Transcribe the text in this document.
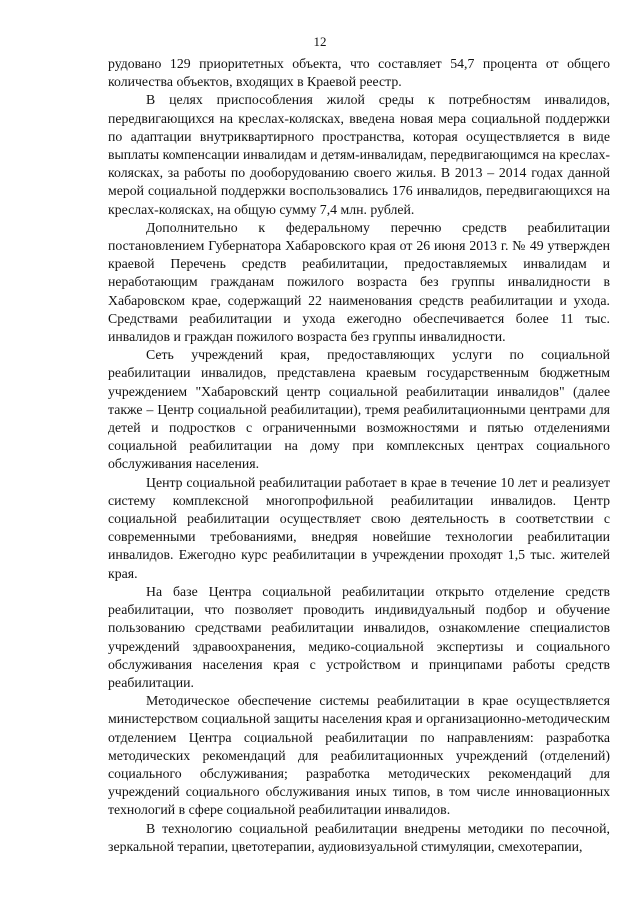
12

рудовано 129 приоритетных объекта, что составляет 54,7 процента от общего количества объектов, входящих в Краевой реестр.

В целях приспособления жилой среды к потребностям инвалидов, передвигающихся на креслах-колясках, введена новая мера социальной поддержки по адаптации внутриквартирного пространства, которая осуществляется в виде выплаты компенсации инвалидам и детям-инвалидам, передвигающимся на креслах-колясках, за работы по дооборудованию своего жилья. В 2013 – 2014 годах данной мерой социальной поддержки воспользовались 176 инвалидов, передвигающихся на креслах-колясках, на общую сумму 7,4 млн. рублей.

Дополнительно к федеральному перечню средств реабилитации постановлением Губернатора Хабаровского края от 26 июня 2013 г. № 49 утвержден краевой Перечень средств реабилитации, предоставляемых инвалидам и неработающим гражданам пожилого возраста без группы инвалидности в Хабаровском крае, содержащий 22 наименования средств реабилитации и ухода. Средствами реабилитации и ухода ежегодно обеспечивается более 11 тыс. инвалидов и граждан пожилого возраста без группы инвалидности.

Сеть учреждений края, предоставляющих услуги по социальной реабилитации инвалидов, представлена краевым государственным бюджетным учреждением "Хабаровский центр социальной реабилитации инвалидов" (далее также – Центр социальной реабилитации), тремя реабилитационными центрами для детей и подростков с ограниченными возможностями и пятью отделениями социальной реабилитации на дому при комплексных центрах социального обслуживания населения.

Центр социальной реабилитации работает в крае в течение 10 лет и реализует систему комплексной многопрофильной реабилитации инвалидов. Центр социальной реабилитации осуществляет свою деятельность в соответствии с современными требованиями, внедряя новейшие технологии реабилитации инвалидов. Ежегодно курс реабилитации в учреждении проходят 1,5 тыс. жителей края.

На базе Центра социальной реабилитации открыто отделение средств реабилитации, что позволяет проводить индивидуальный подбор и обучение пользованию средствами реабилитации инвалидов, ознакомление специалистов учреждений здравоохранения, медико-социальной экспертизы и социального обслуживания населения края с устройством и принципами работы средств реабилитации.

Методическое обеспечение системы реабилитации в крае осуществляется министерством социальной защиты населения края и организационно-методическим отделением Центра социальной реабилитации по направлениям: разработка методических рекомендаций для реабилитационных учреждений (отделений) социального обслуживания; разработка методических рекомендаций для учреждений социального обслуживания иных типов, в том числе инновационных технологий в сфере социальной реабилитации инвалидов.

В технологию социальной реабилитации внедрены методики по песочной, зеркальной терапии, цветотерапии, аудиовизуальной стимуляции, смехотерапии,
